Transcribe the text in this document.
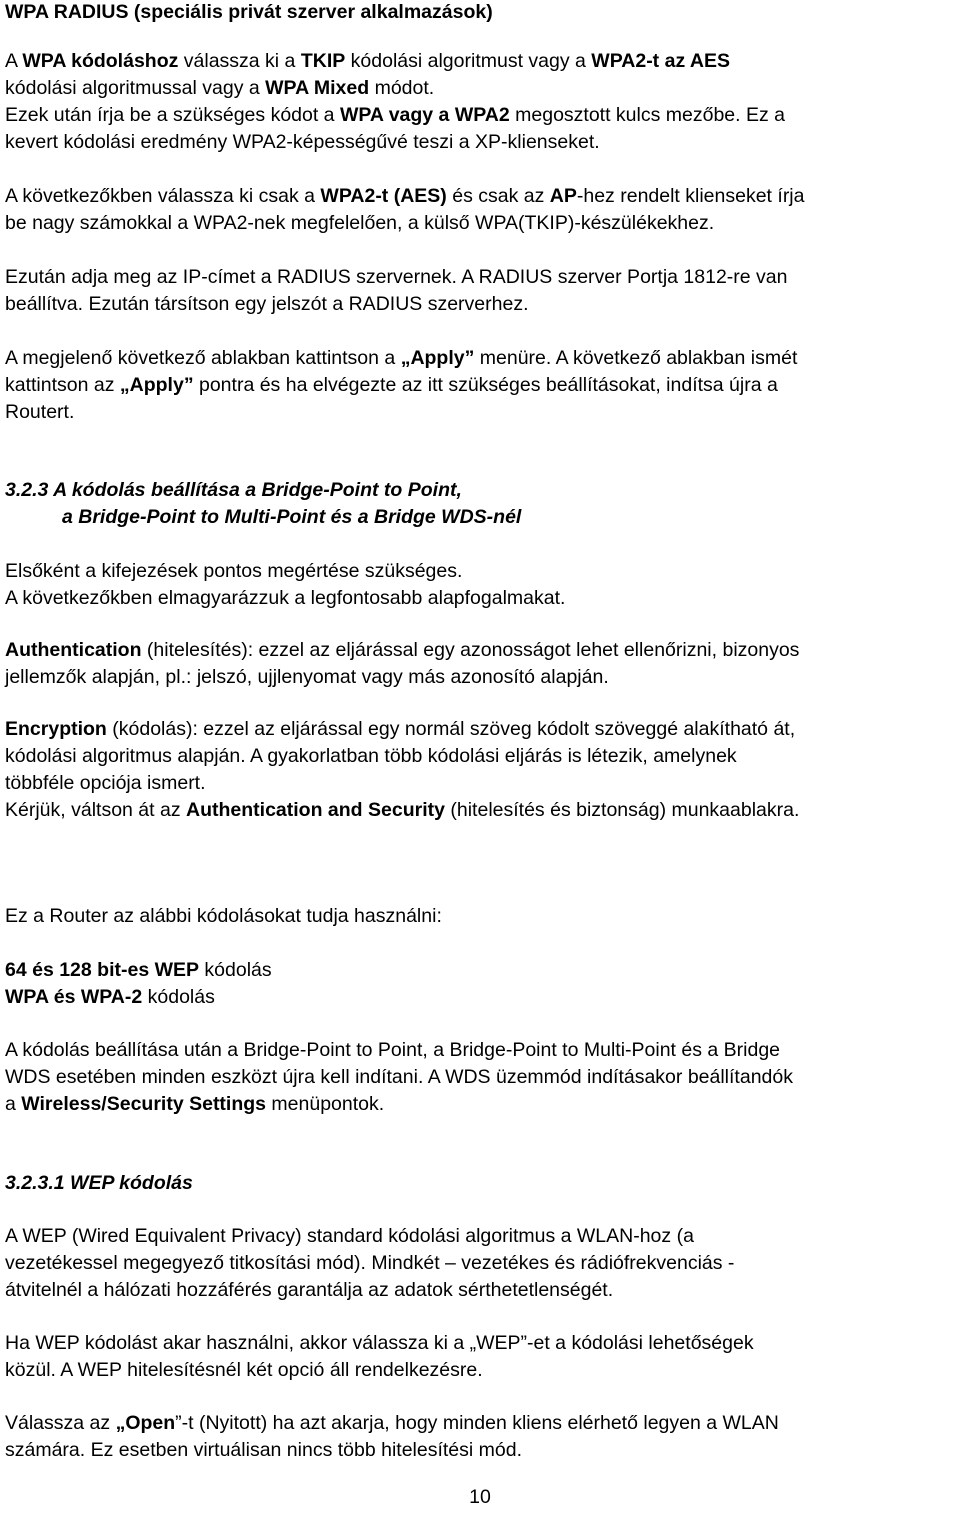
WPA RADIUS (speciális privát szerver alkalmazások)
A WPA kódoláshoz válassza ki a TKIP kódolási algoritmust vagy a WPA2-t az AES
kódolási algoritmussal vagy a WPA Mixed módot.
Ezek után írja be a szükséges kódot a WPA vagy a WPA2 megosztott kulcs mezőbe. Ez a
kevert kódolási eredmény WPA2-képességűvé teszi a XP-klienseket.
A következőkben válassza ki csak a WPA2-t (AES) és csak az AP-hez rendelt klienseket írja
be nagy számokkal a WPA2-nek megfelelően, a külső WPA(TKIP)-készülékekhez.
Ezután adja meg az IP-címet a RADIUS szervernek. A RADIUS szerver Portja 1812-re van
beállítva. Ezután társítson egy jelszót a RADIUS szerverhez.
A megjelenő következő ablakban kattintson a „Apply” menüre. A következő ablakban ismét
kattintson az „Apply” pontra és ha elvégezte az itt szükséges beállításokat, indítsa újra a
Routert.
3.2.3 A kódolás beállítása a Bridge-Point to Point,
a Bridge-Point to Multi-Point és a Bridge WDS-nél
Elsőként a kifejezések pontos megértése szükséges.
A következőkben elmagyarázzuk a legfontosabb alapfogalmakat.
Authentication (hitelesítés): ezzel az eljárással egy azonosságot lehet ellenőrizni, bizonyos
jellemzők alapján, pl.: jelszó, ujjlenyomat vagy más azonosító alapján.
Encryption (kódolás): ezzel az eljárással egy normál szöveg kódolt szöveggé alakítható át,
kódolási algoritmus alapján. A gyakorlatban több kódolási eljárás is létezik, amelynek
többféle opciója ismert.
Kérjük, váltson át az Authentication and Security (hitelesítés és biztonság) munkaablakra.
Ez a Router az alábbi kódolásokat tudja használni:
64 és 128 bit-es WEP kódolás
WPA és WPA-2 kódolás
A kódolás beállítása után a Bridge-Point to Point, a Bridge-Point to Multi-Point és a Bridge
WDS esetében minden eszközt újra kell indítani. A WDS üzemmód indításakor beállítandók
a Wireless/Security Settings menüpontok.
3.2.3.1 WEP kódolás
A WEP (Wired Equivalent Privacy) standard kódolási algoritmus a WLAN-hoz (a
vezetékessel megegyező titkosítási mód). Mindkét – vezetékes és rádiófrekvenciás -
átvitelnél a hálózati hozzáférés garantálja az adatok sérthetetlenségét.
Ha WEP kódolást akar használni, akkor válassza ki a „WEP”-et a kódolási lehetőségek
közül. A WEP hitelesítésnél két opció áll rendelkezésre.
Válassza az „Open”-t (Nyitott) ha azt akarja, hogy minden kliens elérhető legyen a WLAN
számára. Ez esetben virtuálisan nincs több hitelesítési mód.
10
